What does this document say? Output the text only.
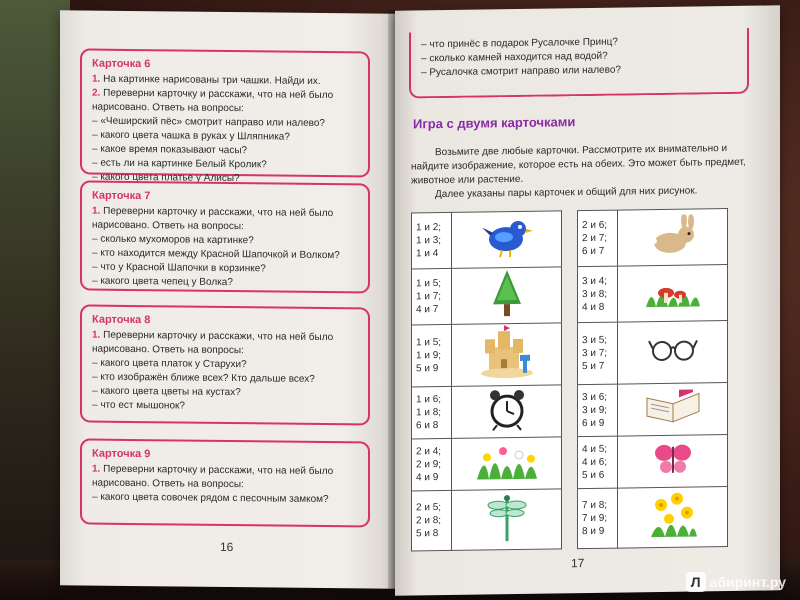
Карточка 6
1. На картинке нарисованы три чашки. Найди их.
2. Переверни карточку и расскажи, что на ней было нарисовано. Ответь на вопросы:
– «Чеширский пёс» смотрит направо или налево?
– какого цвета чашка в руках у Шляпника?
– какое время показывают часы?
– есть ли на картинке Белый Кролик?
– какого цвета платье у Алисы?
Карточка 7
1. Переверни карточку и расскажи, что на ней было нарисовано. Ответь на вопросы:
– сколько мухоморов на картинке?
– кто находится между Красной Шапочкой и Волком?
– что у Красной Шапочки в корзинке?
– какого цвета чепец у Волка?
Карточка 8
1. Переверни карточку и расскажи, что на ней было нарисовано. Ответь на вопросы:
– какого цвета платок у Старухи?
– кто изображён ближе всех? Кто дальше всех?
– какого цвета цветы на кустах?
– что ест мышонок?
Карточка 9
1. Переверни карточку и расскажи, что на ней было нарисовано. Ответь на вопросы:
– какого цвета совочек рядом с песочным замком?
16
– что принёс в подарок Русалочке Принц?
– сколько камней находится над водой?
– Русалочка смотрит направо или налево?
Игра с двумя карточками

Возьмите две любые карточки. Рассмотрите их внимательно и найдите изображение, которое есть на обеих. Это может быть предмет, животное или растение.

Далее указаны пары карточек и общий для них рисунок.

1 и 2;
1 и 3;
1 и 4

1 и 5;
1 и 7;
4 и 7

1 и 5;
1 и 9;
5 и 9

1 и 6;
1 и 8;
6 и 8

2 и 4;
2 и 9;
4 и 9

2 и 5;
2 и 8;
5 и 8

2 и 6;
2 и 7;
6 и 7

3 и 4;
3 и 8;
4 и 8

3 и 5;
3 и 7;
5 и 7

3 и 6;
3 и 9;
6 и 9

4 и 5;
4 и 6;
5 и 6

7 и 8;
7 и 9;
8 и 9

17
Л абиринт.ру
